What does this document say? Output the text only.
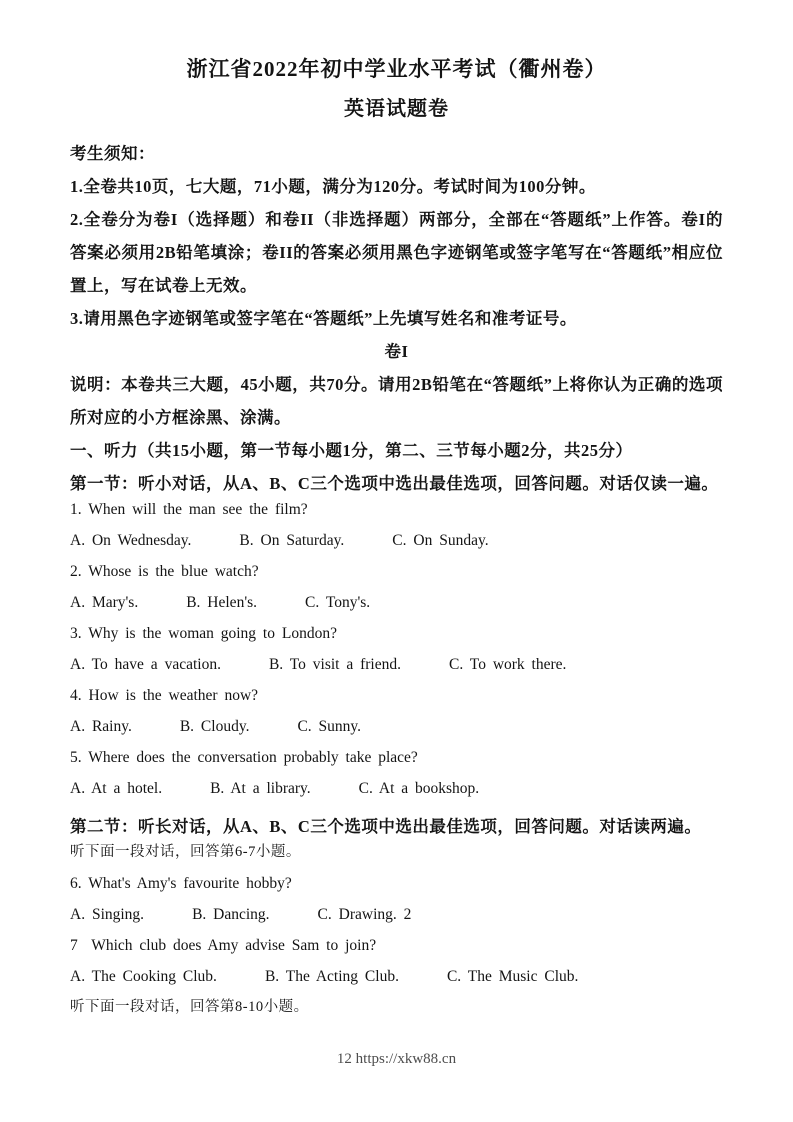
浙江省2022年初中学业水平考试（衢州卷）
英语试题卷
考生须知：
1.全卷共10页，七大题，71小题，满分为120分。考试时间为100分钟。
2.全卷分为卷I（选择题）和卷II（非选择题）两部分，全部在“答题纸”上作答。卷I的答案必须用2B铅笔填涂；卷II的答案必须用黑色字迹钢笔或签字笔写在“答题纸”相应位置上，写在试卷上无效。
3.请用黑色字迹钢笔或签字笔在“答题纸”上先填写姓名和准考证号。
卷I
说明：本卷共三大题，45小题，共70分。请用2B铅笔在“答题纸”上将你认为正确的选项所对应的小方框涂黑、涂满。
一、听力（共15小题，第一节每小题1分，第二、三节每小题2分，共25分）
第一节：听小对话，从A、B、C三个选项中选出最佳选项，回答问题。对话仅读一遍。
1. When will the man see the film?
A. On Wednesday.	B. On Saturday.	C. On Sunday.
2. Whose is the blue watch?
A. Mary's.	B. Helen's.	C. Tony's.
3. Why is the woman going to London?
A. To have a vacation.	B. To visit a friend.	C. To work there.
4. How is the weather now?
A. Rainy.	B. Cloudy.	C. Sunny.
5. Where does the conversation probably take place?
A. At a hotel.	B. At a library.	C. At a bookshop.
第二节：听长对话，从A、B、C三个选项中选出最佳选项，回答问题。对话读两遍。
听下面一段对话，回答第6-7小题。
6. What's Amy's favourite hobby?
A. Singing.	B. Dancing.	C. Drawing. 2
7  Which club does Amy advise Sam to join?
A. The Cooking Club.	B. The Acting Club.	C. The Music Club.
听下面一段对话，回答第8-10小题。
12 https://xkw88.cn
